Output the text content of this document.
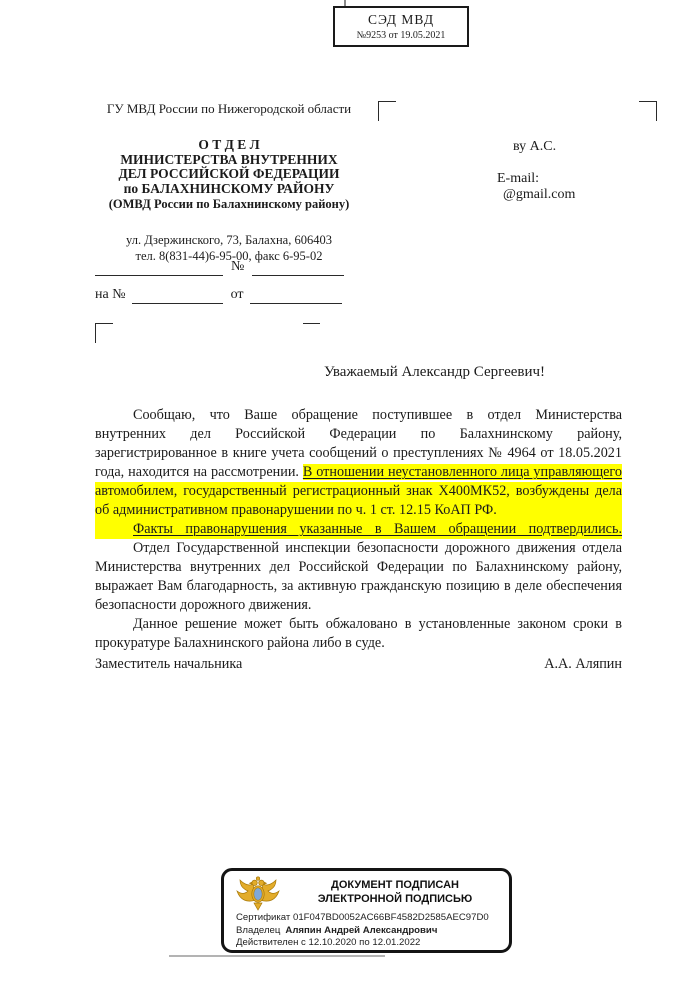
СЭД МВД
№9253 от 19.05.2021
ГУ МВД России по Нижегородской области
О Т Д Е Л
МИНИСТЕРСТВА ВНУТРЕННИХ
ДЕЛ РОССИЙСКОЙ ФЕДЕРАЦИИ
по БАЛАХНИНСКОМУ РАЙОНУ
(ОМВД России по Балахнинскому району)
ул. Дзержинского, 73, Балахна, 606403
тел. 8(831-44)6-95-00, факс 6-95-02
№
на №	от
ву А.С.
E-mail:
@gmail.com
Уважаемый Александр Сергеевич!
Сообщаю, что Ваше обращение поступившее в отдел Министерства
внутренних дел Российской Федерации по Балахнинскому району,
зарегистрированное в книге учета сообщений о преступлениях № 4964 от 18.05.2021
года, находится на рассмотрении. В отношении неустановленного лица управляющего
автомобилем, государственный регистрационный знак Х400МК52, возбуждены дела
об административном правонарушении по ч. 1 ст. 12.15 КоАП РФ.
Факты правонарушения указанные в Вашем обращении подтвердились.
Отдел Государственной инспекции безопасности дорожного движения отдела
Министерства внутренних дел Российской Федерации по Балахнинскому району,
выражает Вам благодарность, за активную гражданскую позицию в деле обеспечения
безопасности дорожного движения.
Данное решение может быть обжаловано в установленные законом сроки в
прокуратуре Балахнинского района либо в суде.
Заместитель начальника	А.А. Аляпин
ДОКУМЕНТ ПОДПИСАН
ЭЛЕКТРОННОЙ ПОДПИСЬЮ
Сертификат 01F047BD0052AC66BF4582D2585AEC97D0
Владелец Аляпин Андрей Александрович
Действителен с 12.10.2020 по 12.01.2022
